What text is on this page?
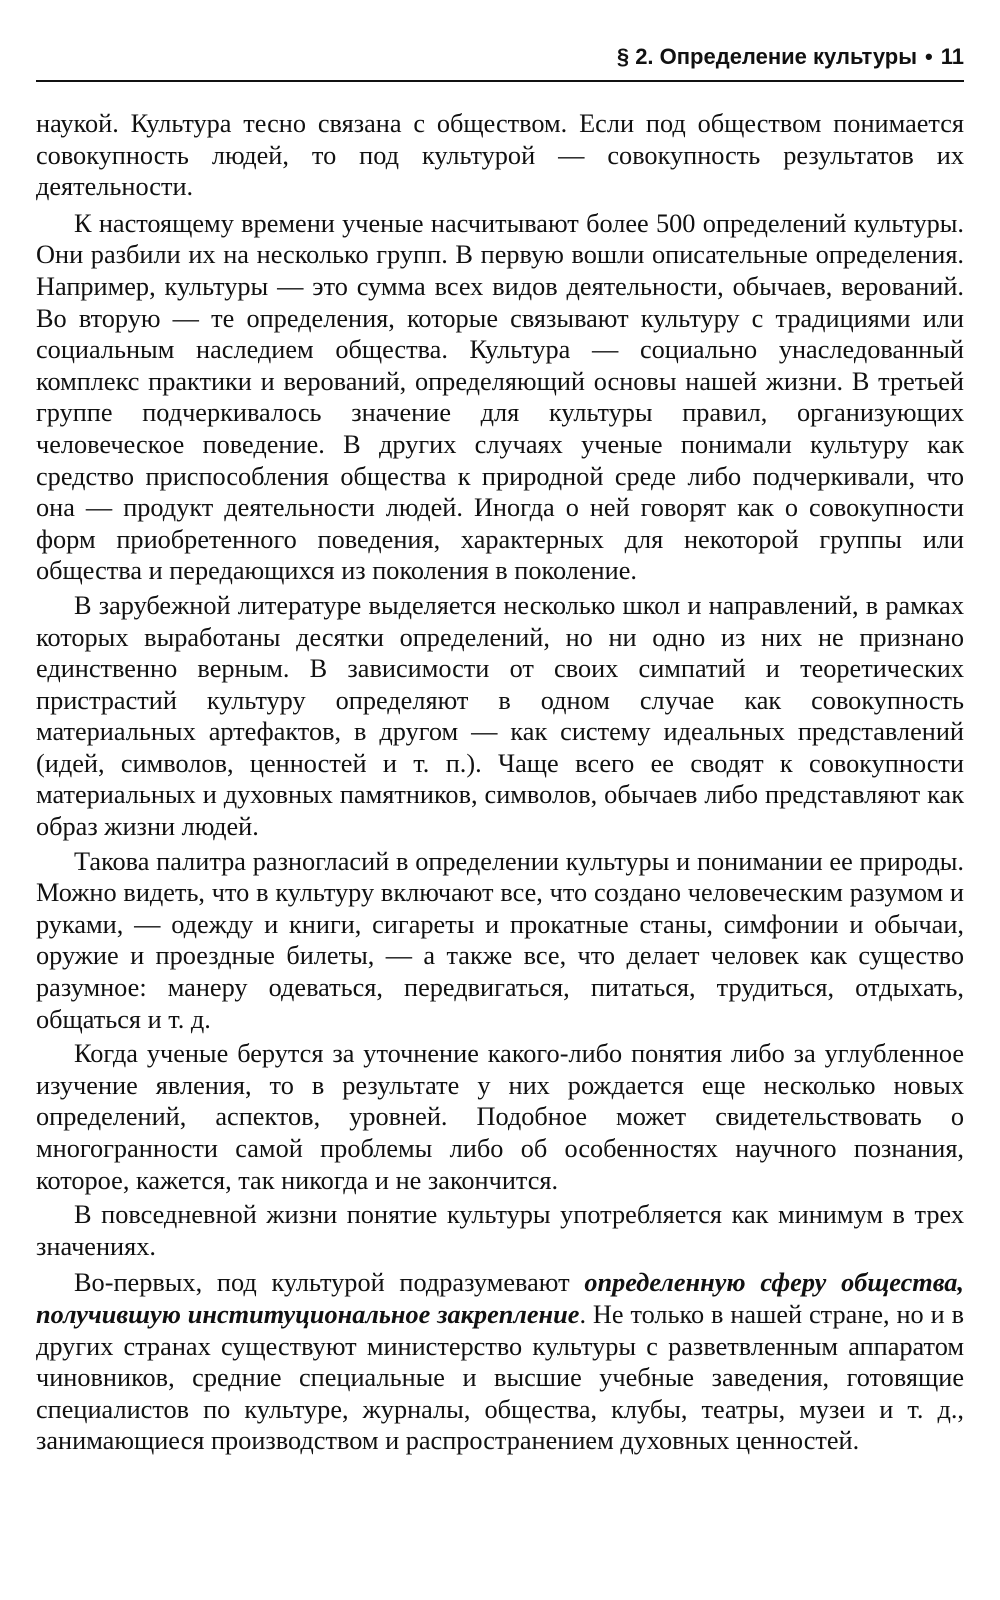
§ 2. Определение культуры • 11

наукой. Культура тесно связана с обществом. Если под обществом понимается совокупность людей, то под культурой — совокупность результатов их деятельности.

К настоящему времени ученые насчитывают более 500 определений культуры. Они разбили их на несколько групп. В первую вошли описательные определения. Например, культуры — это сумма всех видов деятельности, обычаев, верований. Во вторую — те определения, которые связывают культуру с традициями или социальным наследием общества. Культура — социально унаследованный комплекс практики и верований, определяющий основы нашей жизни. В третьей группе подчеркивалось значение для культуры правил, организующих человеческое поведение. В других случаях ученые понимали культуру как средство приспособления общества к природной среде либо подчеркивали, что она — продукт деятельности людей. Иногда о ней говорят как о совокупности форм приобретенного поведения, характерных для некоторой группы или общества и передающихся из поколения в поколение.

В зарубежной литературе выделяется несколько школ и направлений, в рамках которых выработаны десятки определений, но ни одно из них не признано единственно верным. В зависимости от своих симпатий и теоретических пристрастий культуру определяют в одном случае как совокупность материальных артефактов, в другом — как систему идеальных представлений (идей, символов, ценностей и т. п.). Чаще всего ее сводят к совокупности материальных и духовных памятников, символов, обычаев либо представляют как образ жизни людей.

Такова палитра разногласий в определении культуры и понимании ее природы. Можно видеть, что в культуру включают все, что создано человеческим разумом и руками, — одежду и книги, сигареты и прокатные станы, симфонии и обычаи, оружие и проездные билеты, — а также все, что делает человек как существо разумное: манеру одеваться, передвигаться, питаться, трудиться, отдыхать, общаться и т. д.

Когда ученые берутся за уточнение какого-либо понятия либо за углубленное изучение явления, то в результате у них рождается еще несколько новых определений, аспектов, уровней. Подобное может свидетельствовать о многогранности самой проблемы либо об особенностях научного познания, которое, кажется, так никогда и не закончится.

В повседневной жизни понятие культуры употребляется как минимум в трех значениях.

Во-первых, под культурой подразумевают определенную сферу общества, получившую институциональное закрепление. Не только в нашей стране, но и в других странах существуют министерство культуры с разветвленным аппаратом чиновников, средние специальные и высшие учебные заведения, готовящие специалистов по культуре, журналы, общества, клубы, театры, музеи и т. д., занимающиеся производством и распространением духовных ценностей.
